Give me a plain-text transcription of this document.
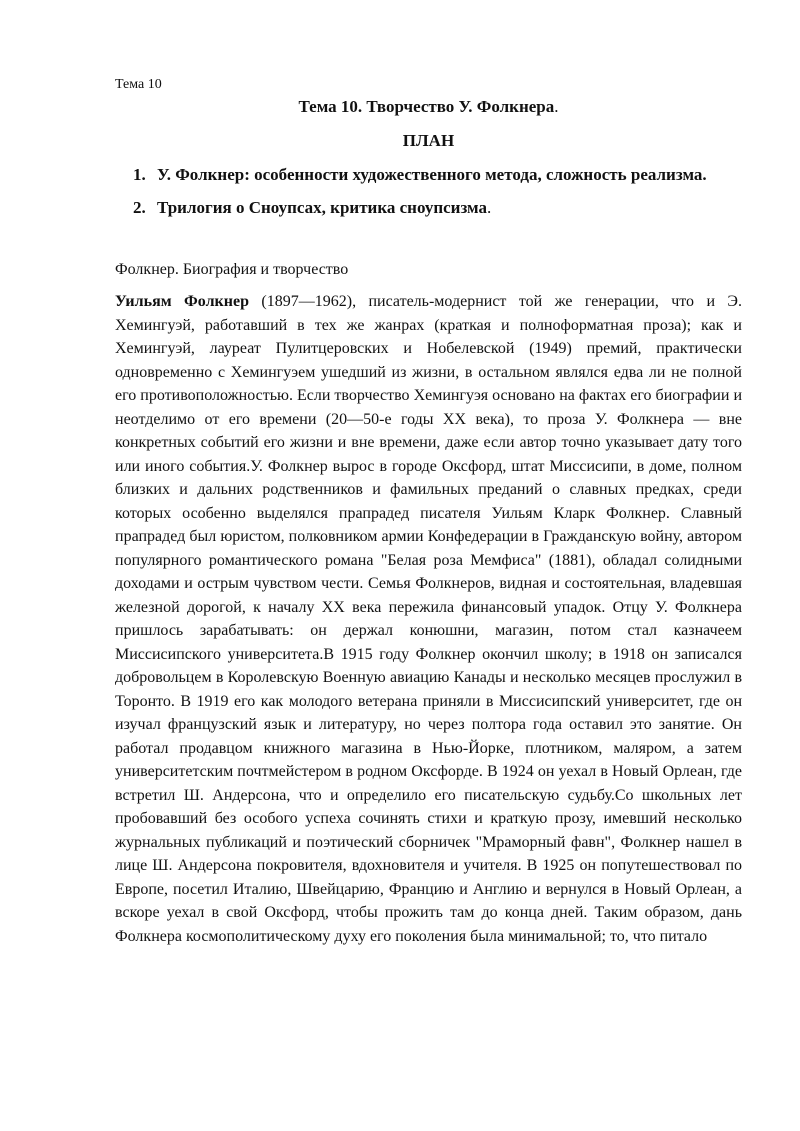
Тема 10
Тема 10. Творчество У. Фолкнера.
ПЛАН
1. У. Фолкнер: особенности художественного метода, сложность реализма.
2. Трилогия о Сноупсах, критика сноупсизма.
Фолкнер. Биография и творчество

Уильям Фолкнер (1897—1962), писатель-модернист той же генерации, что и Э. Хемингуэй, работавший в тех же жанрах (краткая и полноформатная проза); как и Хемингуэй, лауреат Пулитцеровских и Нобелевской (1949) премий, практически одновременно с Хемингуэем ушедший из жизни, в остальном являлся едва ли не полной его противоположностью. Если творчество Хемингуэя основано на фактах его биографии и неотделимо от его времени (20—50-е годы XX века), то проза У. Фолкнера — вне конкретных событий его жизни и вне времени, даже если автор точно указывает дату того или иного события.У. Фолкнер вырос в городе Оксфорд, штат Миссисипи, в доме, полном близких и дальних родственников и фамильных преданий о славных предках, среди которых особенно выделялся прапрадед писателя Уильям Кларк Фолкнер. Славный прапрадед был юристом, полковником армии Конфедерации в Гражданскую войну, автором популярного романтического романа "Белая роза Мемфиса" (1881), обладал солидными доходами и острым чувством чести. Семья Фолкнеров, видная и состоятельная, владевшая железной дорогой, к началу XX века пережила финансовый упадок. Отцу У. Фолкнера пришлось зарабатывать: он держал конюшни, магазин, потом стал казначеем Миссисипского университета.В 1915 году Фолкнер окончил школу; в 1918 он записался добровольцем в Королевскую Военную авиацию Канады и несколько месяцев прослужил в Торонто. В 1919 его как молодого ветерана приняли в Миссисипский университет, где он изучал французский язык и литературу, но через полтора года оставил это занятие. Он работал продавцом книжного магазина в Нью-Йорке, плотником, маляром, а затем университетским почтмейстером в родном Оксфорде. В 1924 он уехал в Новый Орлеан, где встретил Ш. Андерсона, что и определило его писательскую судьбу.Со школьных лет пробовавший без особого успеха сочинять стихи и краткую прозу, имевший несколько журнальных публикаций и поэтический сборничек "Мраморный фавн", Фолкнер нашел в лице Ш. Андерсона покровителя, вдохновителя и учителя. В 1925 он попутешествовал по Европе, посетил Италию, Швейцарию, Францию и Англию и вернулся в Новый Орлеан, а вскоре уехал в свой Оксфорд, чтобы прожить там до конца дней. Таким образом, дань Фолкнера космополитическому духу его поколения была минимальной; то, что питало
